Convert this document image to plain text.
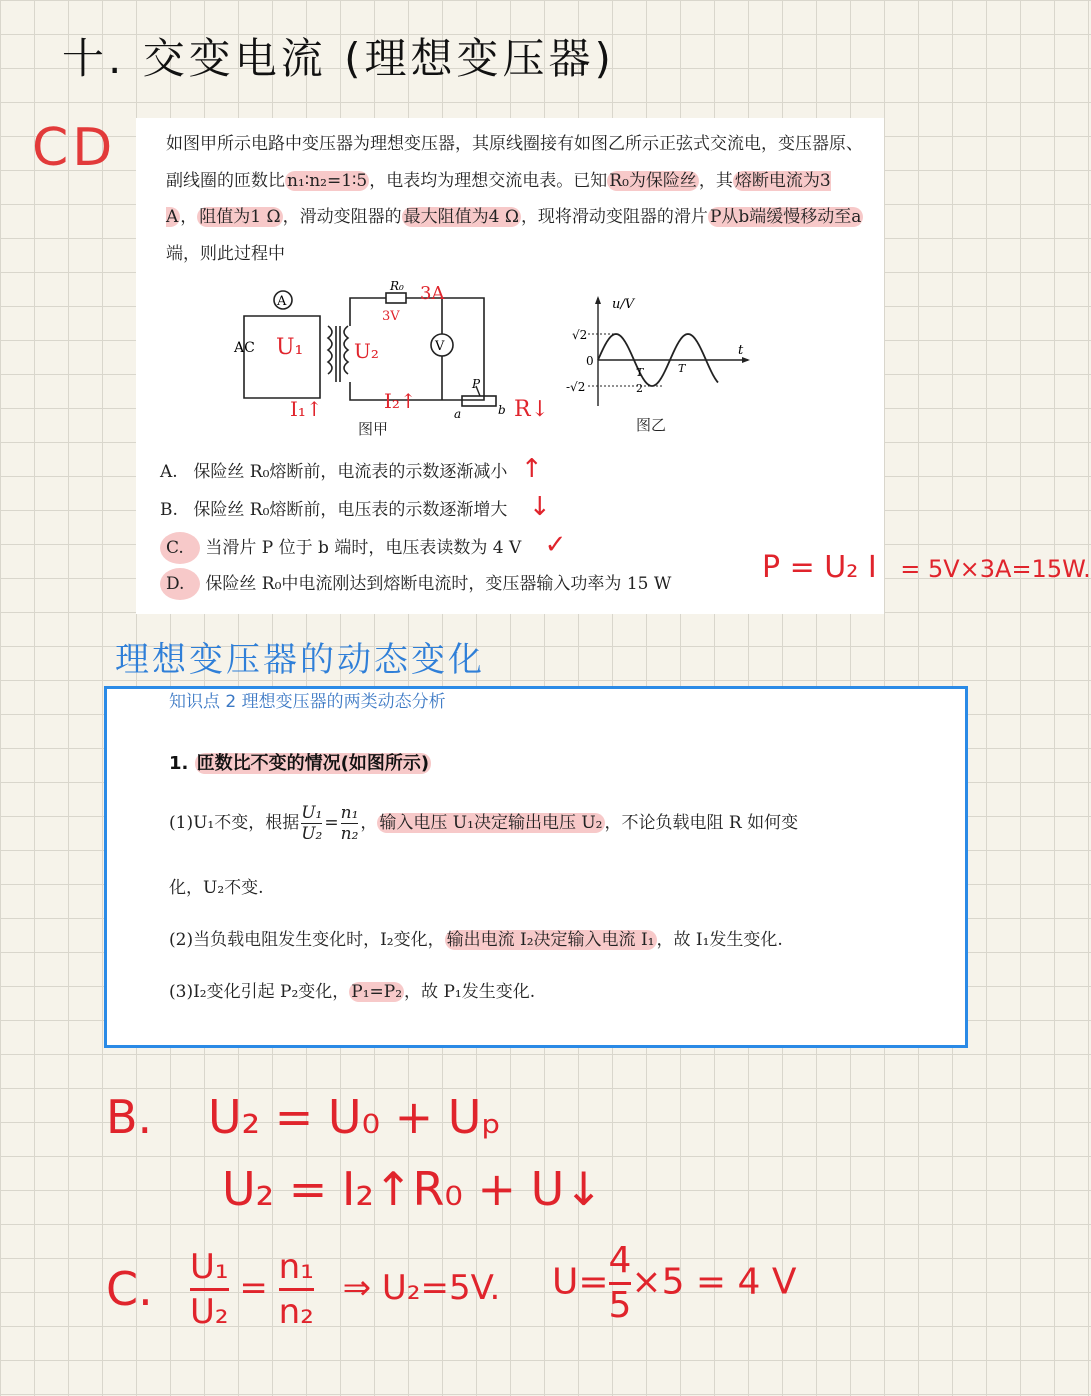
十. 交变电流 (理想变压器)
CD	如图甲所示电路中变压器为理想变压器，其原线圈接有如图乙所示正弦式交流电，变压器原、副线圈的匝数比 n₁∶n₂=1∶5 ，电表均为理想交流电表。已知 R₀为保险丝 ，其 熔断电流为3 A ， 阻值为1 Ω ，滑动变阻器的 最大阻值为4 Ω ，现将滑动变阻器的滑片 P从b端缓慢移动至a端，则此过程中
A
V
AC
R₀
P
a	b
U₁	U₂
I₁↑	I₂↑
3A
3V
R↓
图甲
u/V
t
√2
0
-√2
T
2
T
图乙
A. 保险丝 R₀熔断前，电流表的示数逐渐减小 ↑
B. 保险丝 R₀熔断前，电压表的示数逐渐增大 ↓
C. 当滑片 P 位于 b 端时，电压表读数为 4 V ✓
D. 保险丝 R₀中电流刚达到熔断电流时，变压器输入功率为 15 W	P = U₂ I = 5V×3A=15W.
理想变压器的动态变化
知识点 2 理想变压器的两类动态分析
1. 匝数比不变的情况(如图所示)
(1)U₁不变，根据 $\frac{\text{U₁}}{\text{U₂}} = \frac{\text{n₁}}{\text{n₂}}$ ， 输入电压 U₁决定输出电压 U₂ ，不论负载电阻 R 如何变
化，U₂不变.
(2)当负载电阻发生变化时，I₂变化， 输出电流 I₂决定输入电流 I₁ ，故 I₁发生变化.
(3)I₂变化引起 P₂变化， P₁=P₂ ，故 P₁发生变化.
B. U₂ = U₀ + Uₚ
U₂ = I₂↑R₀ + U↓
C. $\frac{\text{U₁}}{\text{U₂}} = \frac{\text{n₁}}{\text{n₂}}$ ⇒ U₂=5V. $U= \frac{4}{5} \times 5 = 4$ V
